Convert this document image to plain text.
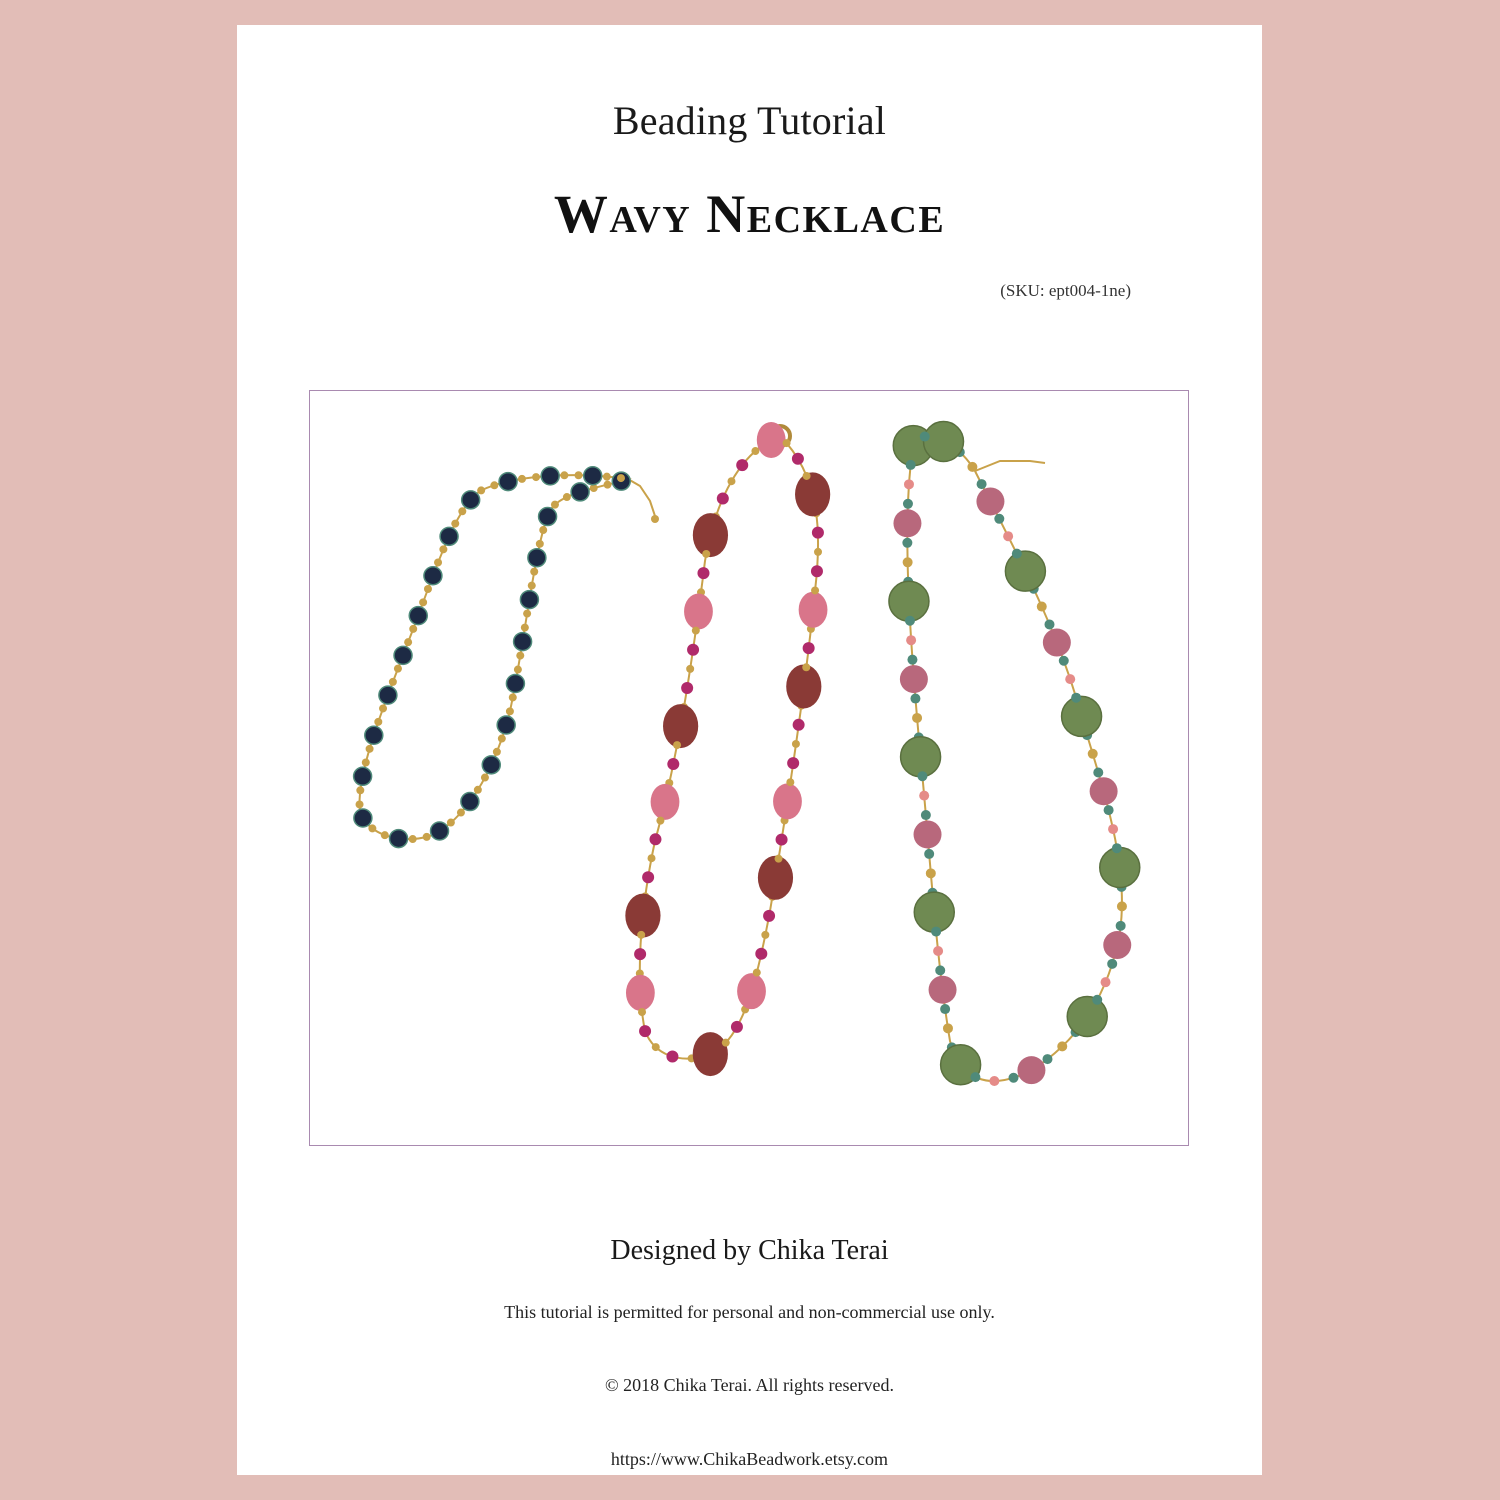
Beading Tutorial
Wavy Necklace
(SKU: ept004-1ne)
Designed by Chika Terai
This tutorial is permitted for personal and non-commercial use only.
© 2018 Chika Terai. All rights reserved.
https://www.ChikaBeadwork.etsy.com
